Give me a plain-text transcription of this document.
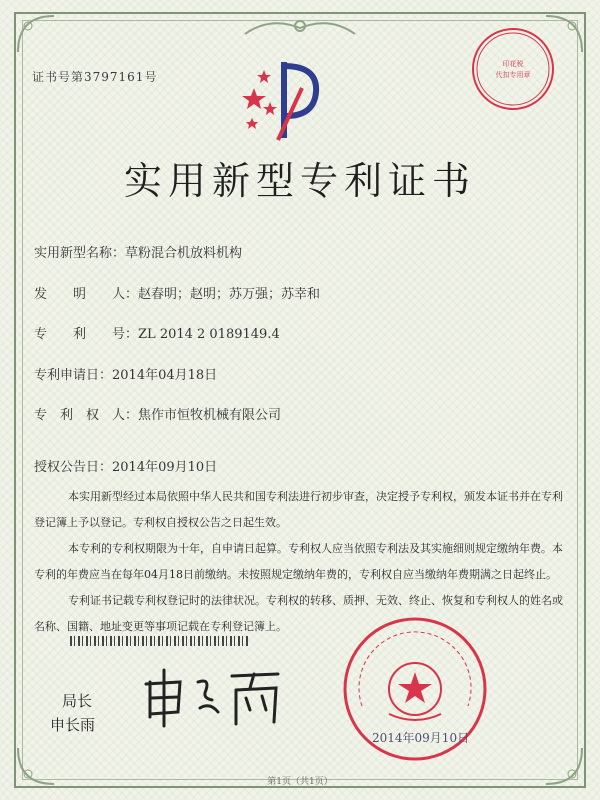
证书号第3797161号
印花税
代扣专用章
实用新型专利证书
实用新型名称：草粉混合机放料机构
发　　明　　人：赵春明；赵明；苏万强；苏幸和
专　　利　　号：ZL 2014 2 0189149.4
专利申请日：2014年04月18日
专　利　权　人：焦作市恒牧机械有限公司
授权公告日：2014年09月10日

本实用新型经过本局依照中华人民共和国专利法进行初步审查，决定授予专利权，颁发本证书并在专利登记簿上予以登记。专利权自授权公告之日起生效。

本专利的专利权期限为十年，自申请日起算。专利权人应当依照专利法及其实施细则规定缴纳年费。本专利的年费应当在每年04月18日前缴纳。未按照规定缴纳年费的，专利权自应当缴纳年费期满之日起终止。

专利证书记载专利权登记时的法律状况。专利权的转移、质押、无效、终止、恢复和专利权人的姓名或名称、国籍、地址变更等事项记载在专利登记簿上。

局长
申长雨
2014年09月10日
第1页（共1页）
